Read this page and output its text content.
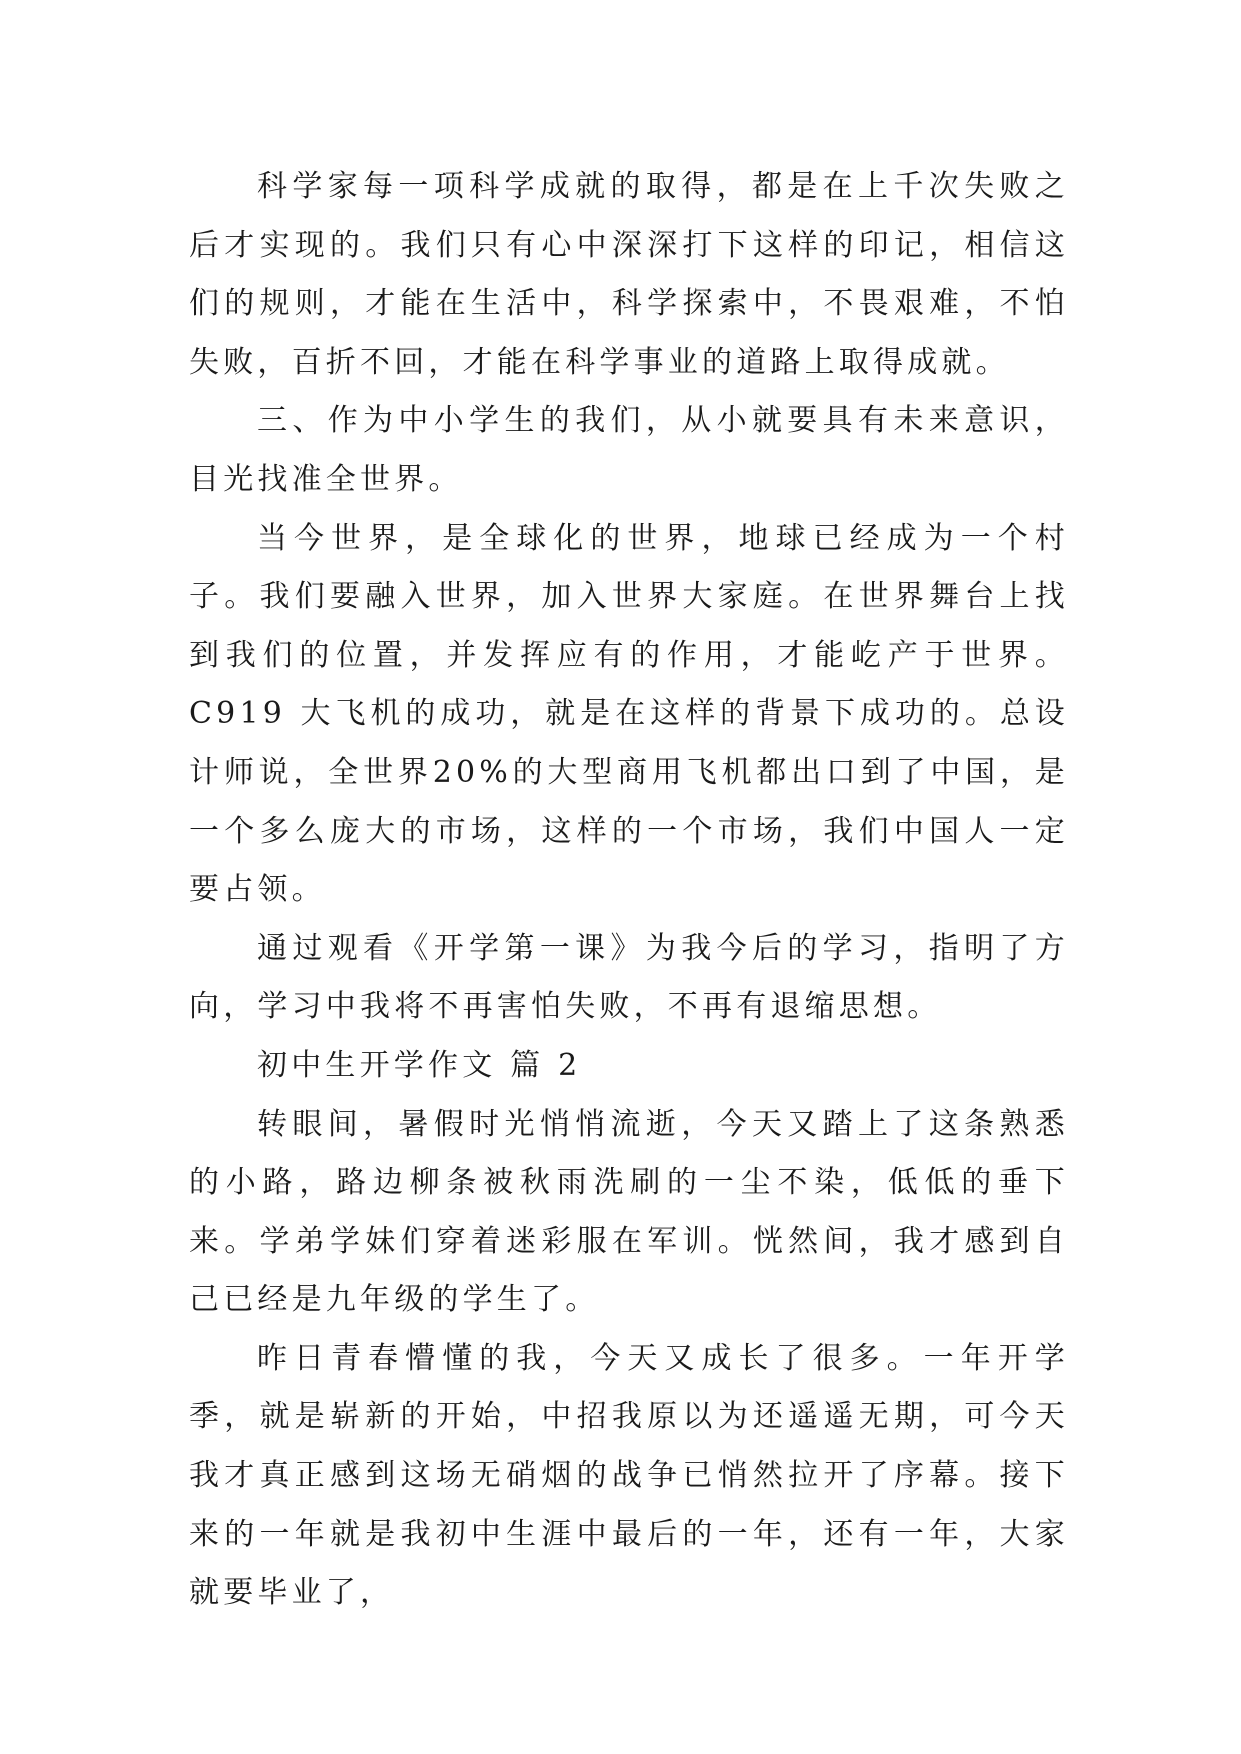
科学家每一项科学成就的取得，都是在上千次失败之后才实现的。我们只有心中深深打下这样的印记，相信这们的规则，才能在生活中，科学探索中，不畏艰难，不怕失败，百折不回，才能在科学事业的道路上取得成就。

三、作为中小学生的我们，从小就要具有未来意识，目光找准全世界。

当今世界，是全球化的世界，地球已经成为一个村子。我们要融入世界，加入世界大家庭。在世界舞台上找到我们的位置，并发挥应有的作用，才能屹产于世界。C919 大飞机的成功，就是在这样的背景下成功的。总设计师说，全世界20%的大型商用飞机都出口到了中国，是一个多么庞大的市场，这样的一个市场，我们中国人一定要占领。

通过观看《开学第一课》为我今后的学习，指明了方向，学习中我将不再害怕失败，不再有退缩思想。

初中生开学作文 篇 2

转眼间，暑假时光悄悄流逝，今天又踏上了这条熟悉的小路，路边柳条被秋雨洗刷的一尘不染，低低的垂下来。学弟学妹们穿着迷彩服在军训。恍然间，我才感到自己已经是九年级的学生了。

昨日青春懵懂的我，今天又成长了很多。一年开学季，就是崭新的开始，中招我原以为还遥遥无期，可今天我才真正感到这场无硝烟的战争已悄然拉开了序幕。接下来的一年就是我初中生涯中最后的一年，还有一年，大家就要毕业了，
